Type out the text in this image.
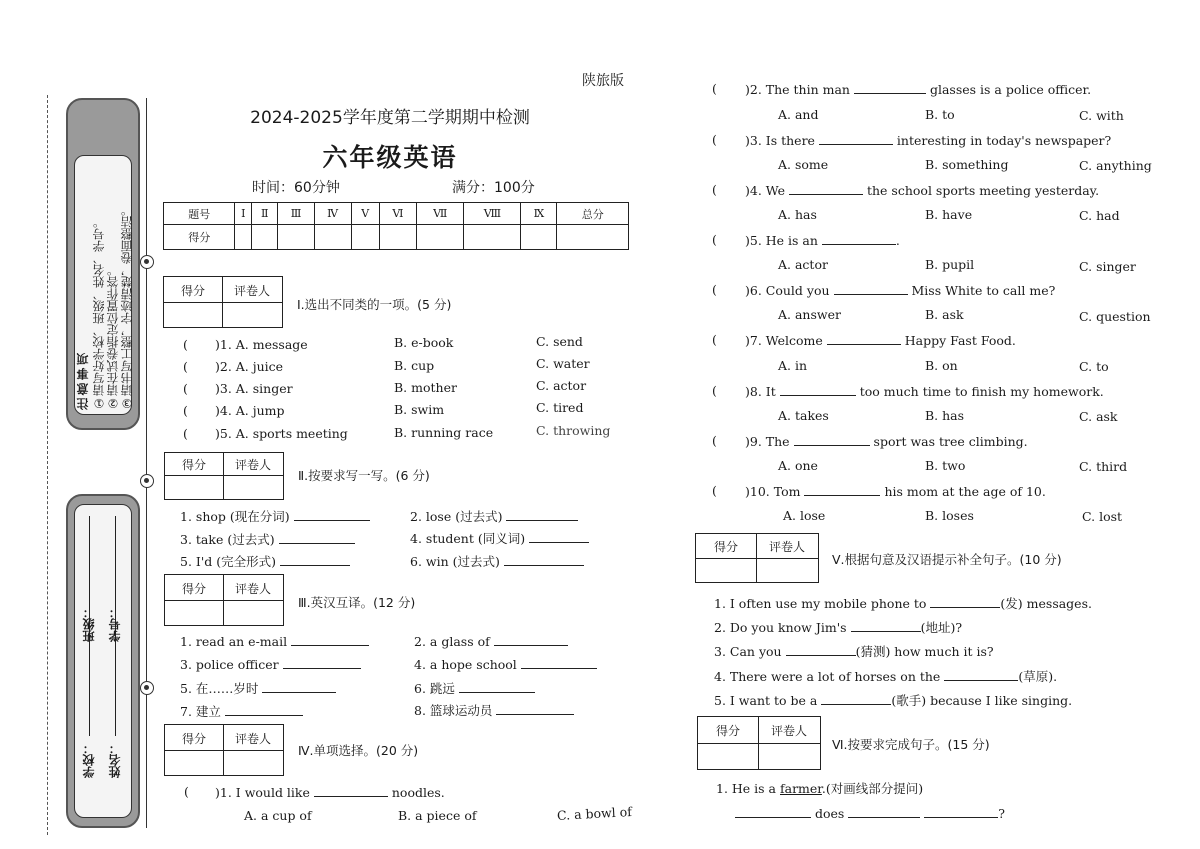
注意事项 ①请写好学校、班级、姓名、学号。 ②请在试卷指定位置作答。 ③请书写工整，字迹清楚，卷面整洁。
学校： 姓名：
班级： 学号：
陕旅版
2024-2025学年度第二学期期中检测
六年级英语
时间：60分钟	满分：100分
题号	Ⅰ	Ⅱ	Ⅲ	Ⅳ	Ⅴ	Ⅵ	Ⅶ	Ⅷ	Ⅸ	总分
得分										
得分	评卷人
Ⅰ.选出不同类的一项。(5 分)
( )1. A. message	B. e-book	C. send
( )2. A. juice	B. cup	C. water
( )3. A. singer	B. mother	C. actor
( )4. A. jump	B. swim	C. tired
( )5. A. sports meeting	B. running race	C. throwing
得分	评卷人
Ⅱ.按要求写一写。(6 分)
1. shop (现在分词)	2. lose (过去式)
3. take (过去式)	4. student (同义词)
5. I'd (完全形式)	6. win (过去式)
得分	评卷人
Ⅲ.英汉互译。(12 分)
1. read an e-mail	2. a glass of
3. police officer	4. a hope school
5. 在……岁时	6. 跳远
7. 建立	8. 篮球运动员
得分	评卷人
Ⅳ.单项选择。(20 分)
( )1. I would like	noodles.
A. a cup of	B. a piece of	C. a bowl of
( )2. The thin man	glasses is a police officer.
A. and	B. to	C. with
( )3. Is there	interesting in today's newspaper?
A. some	B. something	C. anything
( )4. We	the school sports meeting yesterday.
A. has	B. have	C. had
( )5. He is an	.
A. actor	B. pupil	C. singer
( )6. Could you	Miss White to call me?
A. answer	B. ask	C. question
( )7. Welcome	Happy Fast Food.
A. in	B. on	C. to
( )8. It	too much time to finish my homework.
A. takes	B. has	C. ask
( )9. The	sport was tree climbing.
A. one	B. two	C. third
( )10. Tom	his mom at the age of 10.
A. lose	B. loses	C. lost
得分	评卷人
Ⅴ.根据句意及汉语提示补全句子。(10 分)
1. I often use my mobile phone to	(发) messages.
2. Do you know Jim's	(地址)?
3. Can you	(猜测) how much it is?
4. There were a lot of horses on the	(草原).
5. I want to be a	(歌手) because I like singing.
得分	评卷人
Ⅵ.按要求完成句子。(15 分)
1. He is a farmer.(对画线部分提问)
does	?
